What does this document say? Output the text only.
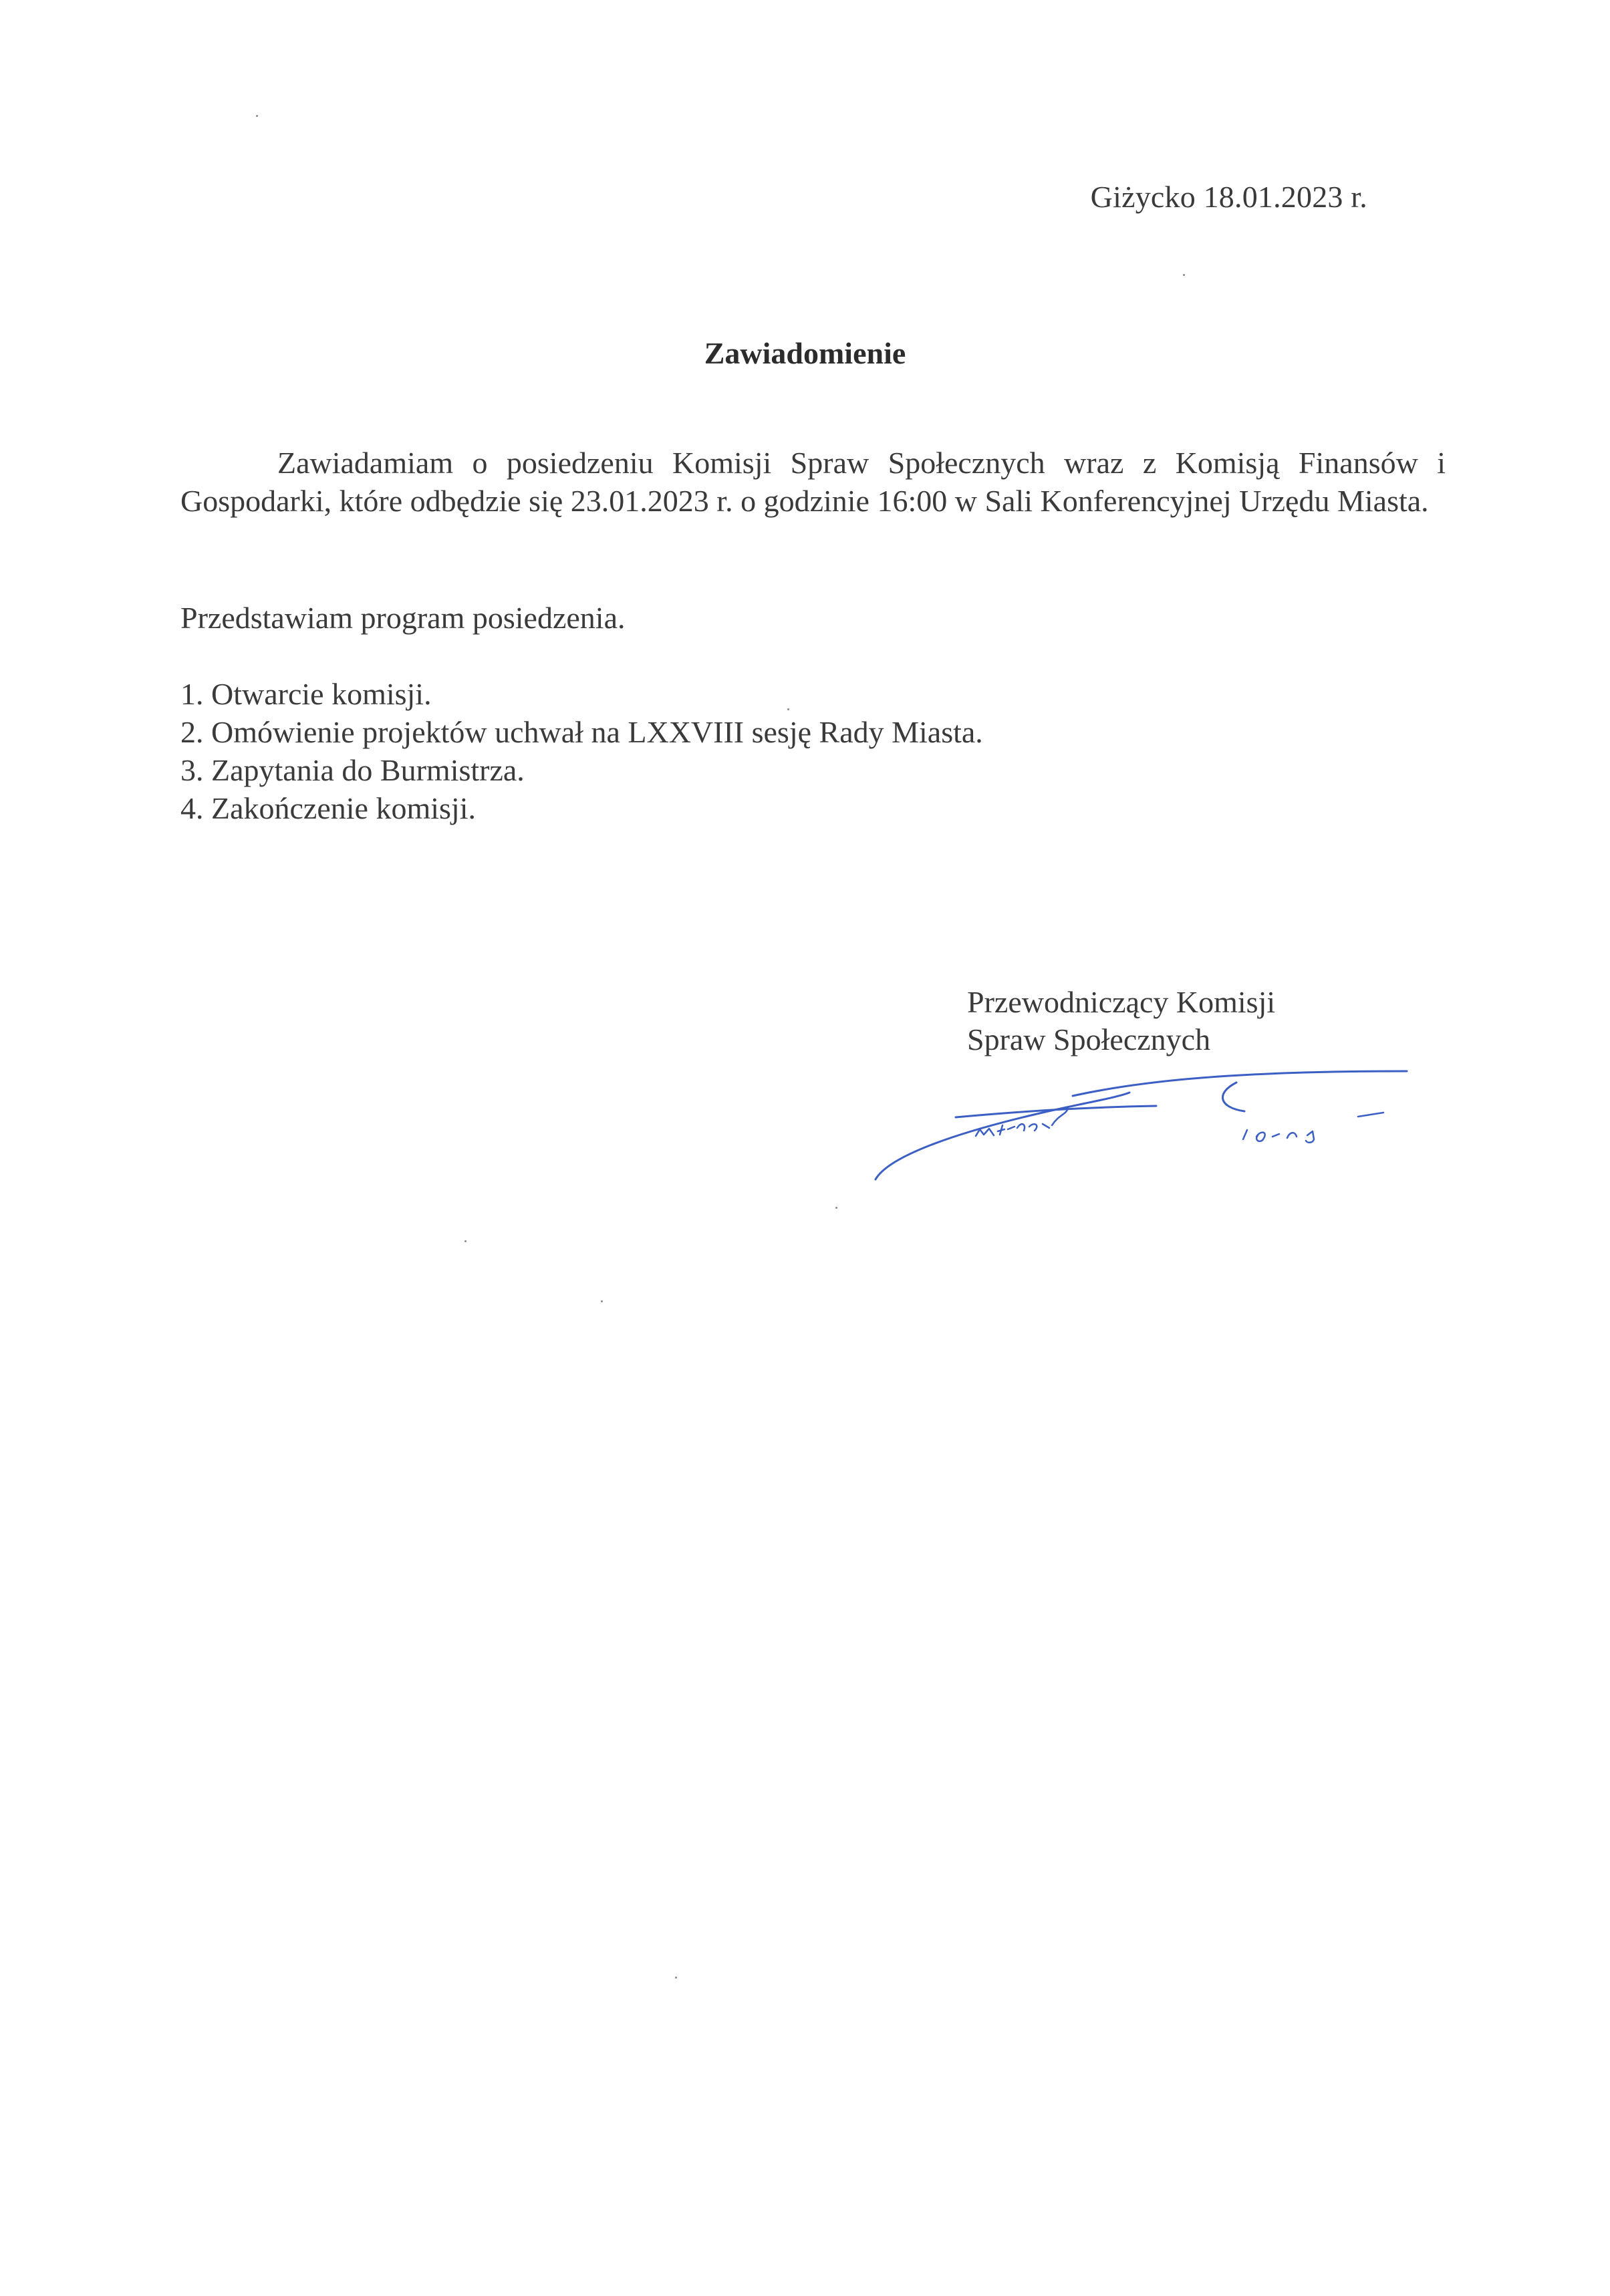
Giżycko 18.01.2023 r.
Zawiadomienie
Zawiadamiam o posiedzeniu Komisji Spraw Społecznych wraz z Komisją Finansów i Gospodarki, które odbędzie się 23.01.2023 r. o godzinie 16:00 w Sali Konferencyjnej Urzędu Miasta.
Przedstawiam program posiedzenia.
1. Otwarcie komisji.
2. Omówienie projektów uchwał na LXXVIII sesję Rady Miasta.
3. Zapytania do Burmistrza.
4. Zakończenie komisji.
Przewodniczący Komisji
Spraw Społecznych
